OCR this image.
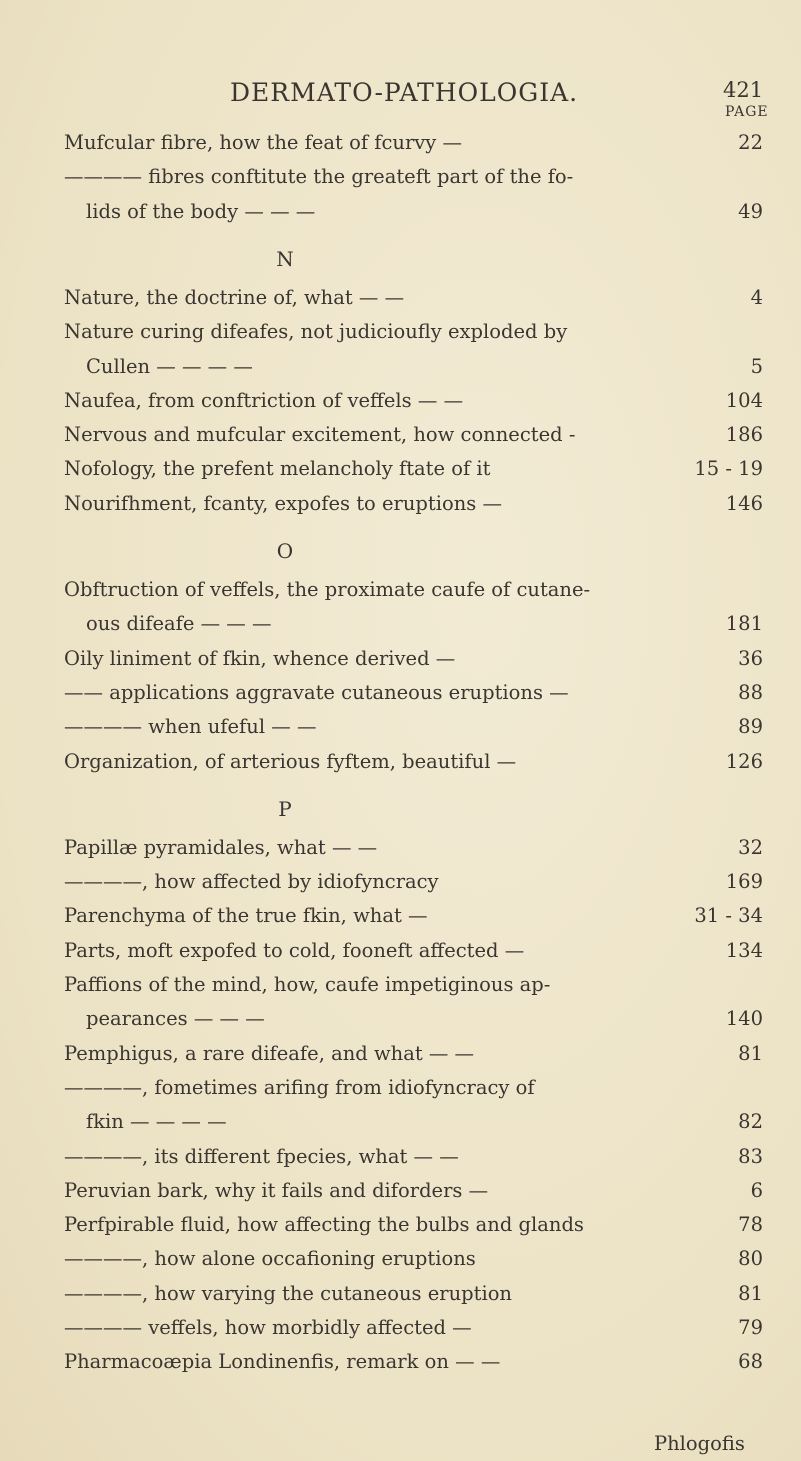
DERMATO-PATHOLOGIA.	421
PAGE
Mufcular fibre, how the feat of fcurvy —	22
———— fibres conftitute the greateft part of the fo-
lids of the body — — —	49
N
Nature, the doctrine of, what — —	4
Nature curing difeafes, not judicioufly exploded by
Cullen — — — —	5
Naufea, from conftriction of veffels — —	104
Nervous and mufcular excitement, how connected -	186
Nofology, the prefent melancholy ftate of it	15 - 19
Nourifhment, fcanty, expofes to eruptions —	146
O
Obftruction of veffels, the proximate caufe of cutane-
ous difeafe — — —	181
Oily liniment of fkin, whence derived —	36
—— applications aggravate cutaneous eruptions —	88
———— when ufeful — —	89
Organization, of arterious fyftem, beautiful —	126
P
Papillæ pyramidales, what — —	32
————, how affected by idiofyncracy	169
Parenchyma of the true fkin, what —	31 - 34
Parts, moft expofed to cold, fooneft affected —	134
Paffions of the mind, how, caufe impetiginous ap-
pearances — — —	140
Pemphigus, a rare difeafe, and what — —	81
————, fometimes arifing from idiofyncracy of
fkin — — — —	82
————, its different fpecies, what — —	83
Peruvian bark, why it fails and diforders —	6
Perfpirable fluid, how affecting the bulbs and glands	78
————, how alone occafioning eruptions	80
————, how varying the cutaneous eruption	81
———— veffels, how morbidly affected —	79
Pharmacoæpia Londinenfis, remark on — —	68
Phlogofis
